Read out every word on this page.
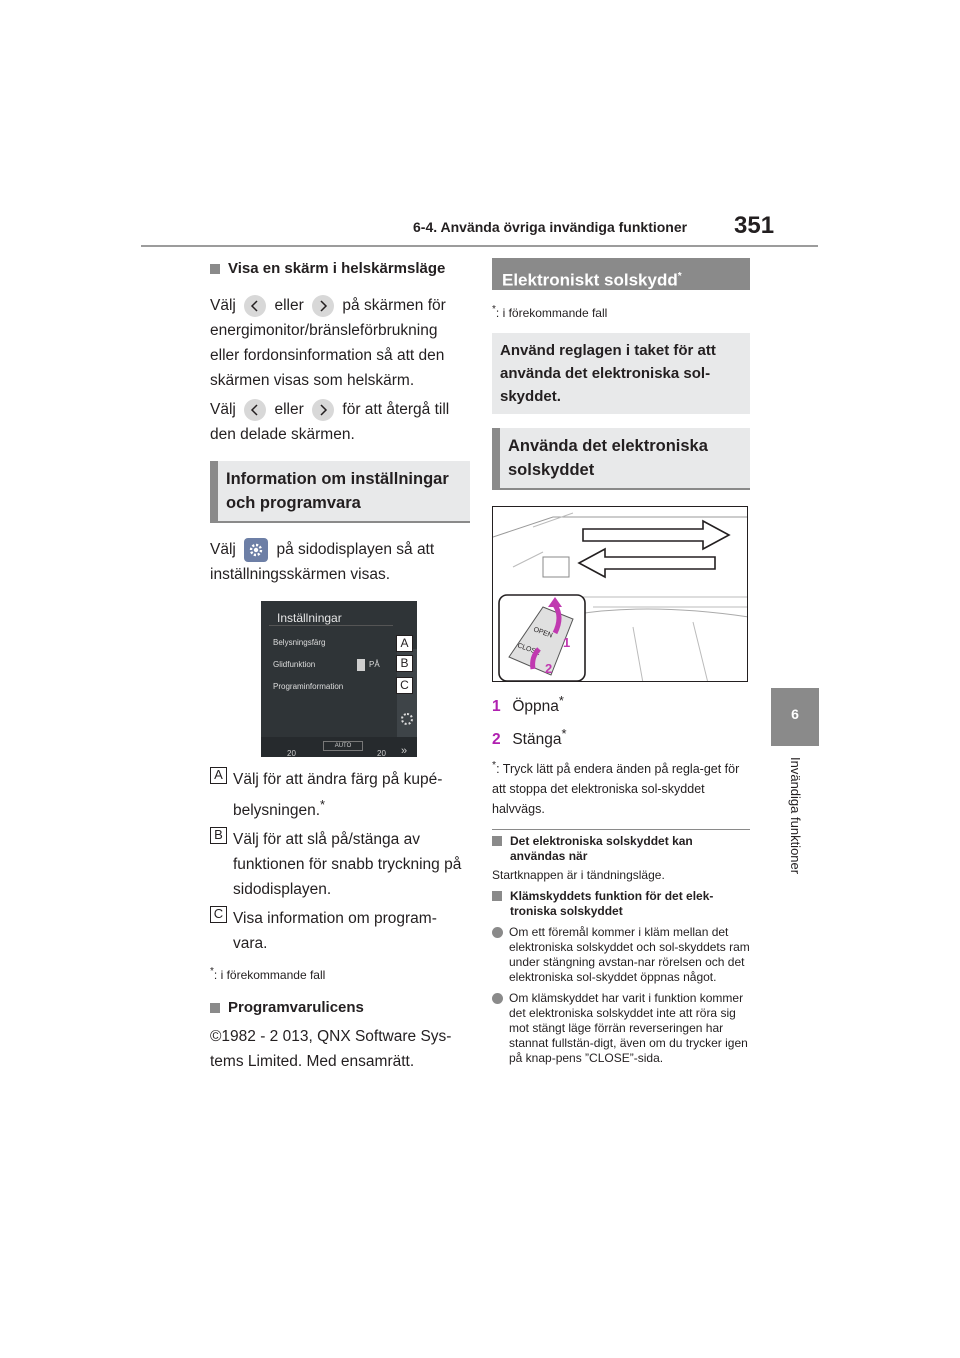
6-4. Använda övriga invändiga funktioner 351
6
Invändiga funktioner
Visa en skärm i helskärmsläge
Välj eller på skärmen för energimonitor/bränsleförbrukning eller fordonsinformation så att den skärmen visas som helskärm.
Välj eller för att återgå till den delade skärmen.
Information om inställningar och programvara
Välj	på sidodisplayen så att inställningsskärmen visas.
Inställningar
Belysningsfärg
Glidfunktion	PÅ
Programinformation
20
AUTO
20 »
A
B
C
A Välj för att ändra färg på kupé-belysningen.*
B Välj för att slå på/stänga av funktionen för snabb tryckning på sidodisplayen.
C Visa information om program-vara.
*: i förekommande fall
Programvarulicens
©1982 - 2 013, QNX Software Sys-tems Limited. Med ensamrätt.
Elektroniskt solskydd*
*: i förekommande fall
Använd reglagen i taket för att använda det elektroniska sol-skyddet.
Använda det elektroniska solskyddet
OPEN
CLOSE 1
2
1 Öppna*
2 Stänga*
*: Tryck lätt på endera änden på regla-get för att stoppa det elektroniska sol-skyddet halvvägs.
Det elektroniska solskyddet kan användas när
Startknappen är i tändningsläge.
Klämskyddets funktion för det elek-troniska solskyddet
Om ett föremål kommer i kläm mellan det elektroniska solskyddet och sol-skyddets ram under stängning avstan-nar rörelsen och det elektroniska sol-skyddet öppnas något.
Om klämskyddet har varit i funktion kommer det elektroniska solskyddet inte att röra sig mot stängt läge förrän reverseringen har stannat fullstän-digt, även om du trycker igen på knap-pens ”CLOSE”-sida.
